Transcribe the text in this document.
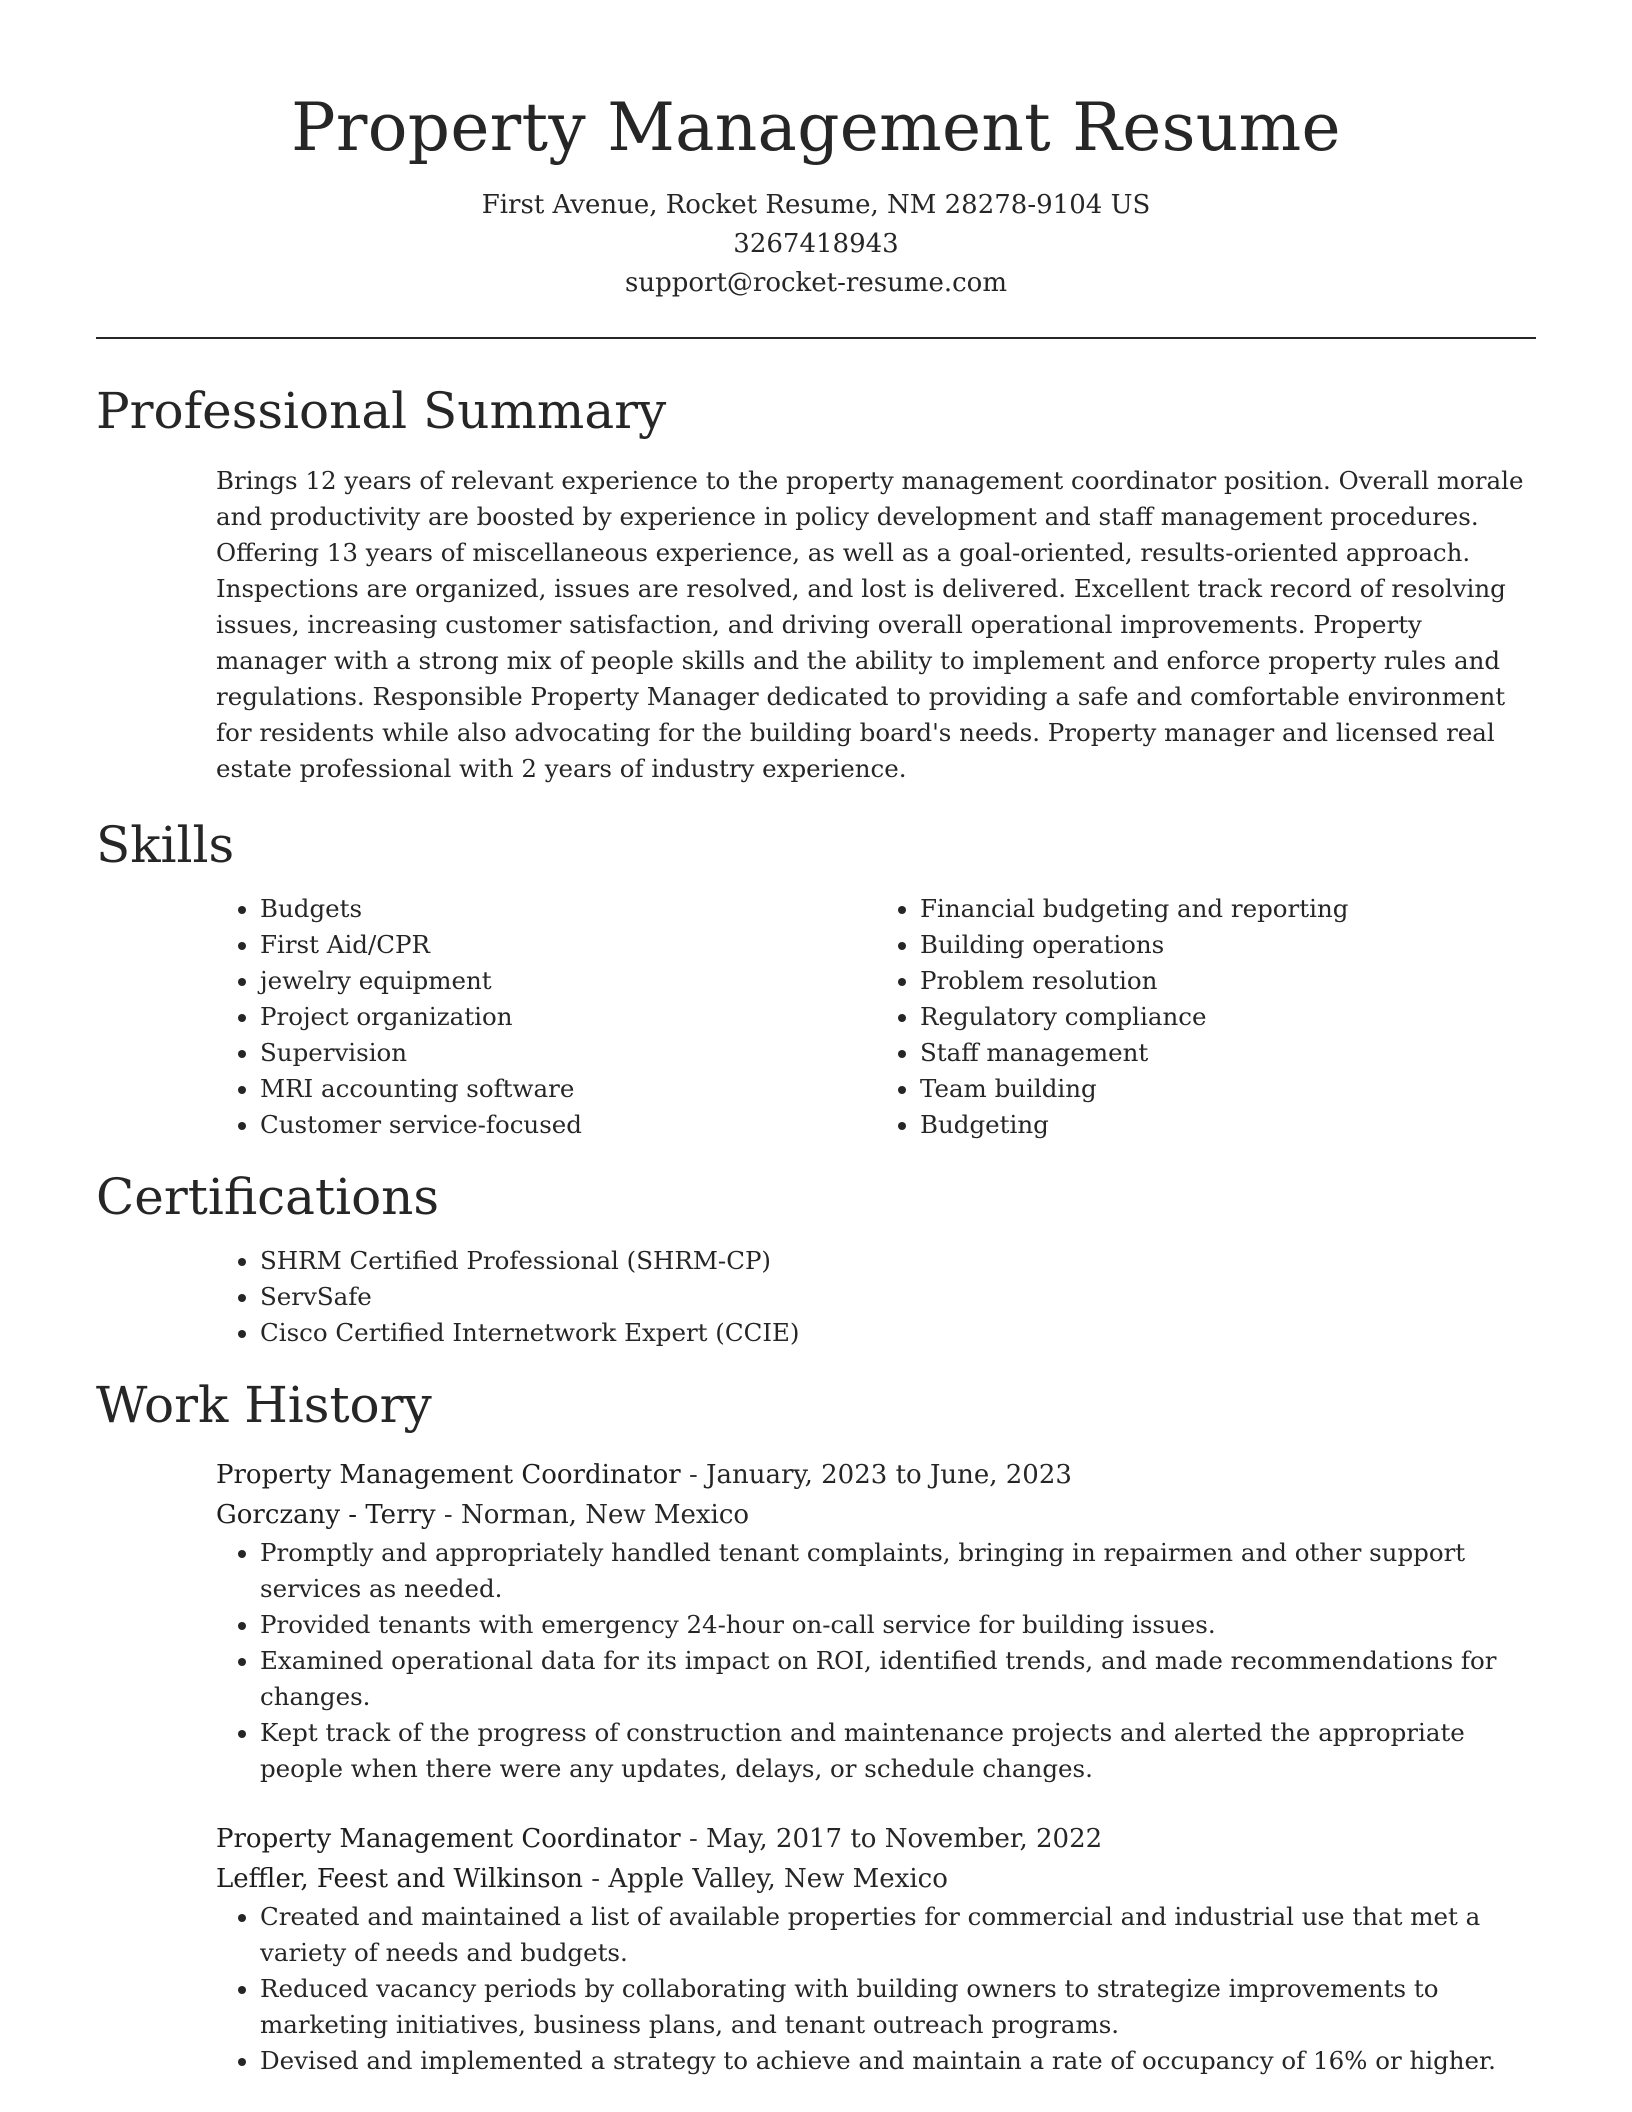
Property Management Resume
First Avenue, Rocket Resume, NM 28278-9104 US
3267418943
support@rocket-resume.com
Professional Summary
Brings 12 years of relevant experience to the property management coordinator position. Overall morale and productivity are boosted by experience in policy development and staff management procedures. Offering 13 years of miscellaneous experience, as well as a goal-oriented, results-oriented approach. Inspections are organized, issues are resolved, and lost is delivered. Excellent track record of resolving issues, increasing customer satisfaction, and driving overall operational improvements. Property manager with a strong mix of people skills and the ability to implement and enforce property rules and regulations. Responsible Property Manager dedicated to providing a safe and comfortable environment for residents while also advocating for the building board's needs. Property manager and licensed real estate professional with 2 years of industry experience.
Skills
• Budgets
• First Aid/CPR
• jewelry equipment
• Project organization
• Supervision
• MRI accounting software
• Customer service-focused
• Financial budgeting and reporting
• Building operations
• Problem resolution
• Regulatory compliance
• Staff management
• Team building
• Budgeting
Certifications
• SHRM Certified Professional (SHRM-CP)
• ServSafe
• Cisco Certified Internetwork Expert (CCIE)
Work History
Property Management Coordinator - January, 2023 to June, 2023
Gorczany - Terry - Norman, New Mexico
• Promptly and appropriately handled tenant complaints, bringing in repairmen and other support services as needed.
• Provided tenants with emergency 24-hour on-call service for building issues.
• Examined operational data for its impact on ROI, identified trends, and made recommendations for changes.
• Kept track of the progress of construction and maintenance projects and alerted the appropriate people when there were any updates, delays, or schedule changes.
Property Management Coordinator - May, 2017 to November, 2022
Leffler, Feest and Wilkinson - Apple Valley, New Mexico
• Created and maintained a list of available properties for commercial and industrial use that met a variety of needs and budgets.
• Reduced vacancy periods by collaborating with building owners to strategize improvements to marketing initiatives, business plans, and tenant outreach programs.
• Devised and implemented a strategy to achieve and maintain a rate of occupancy of 16% or higher.
